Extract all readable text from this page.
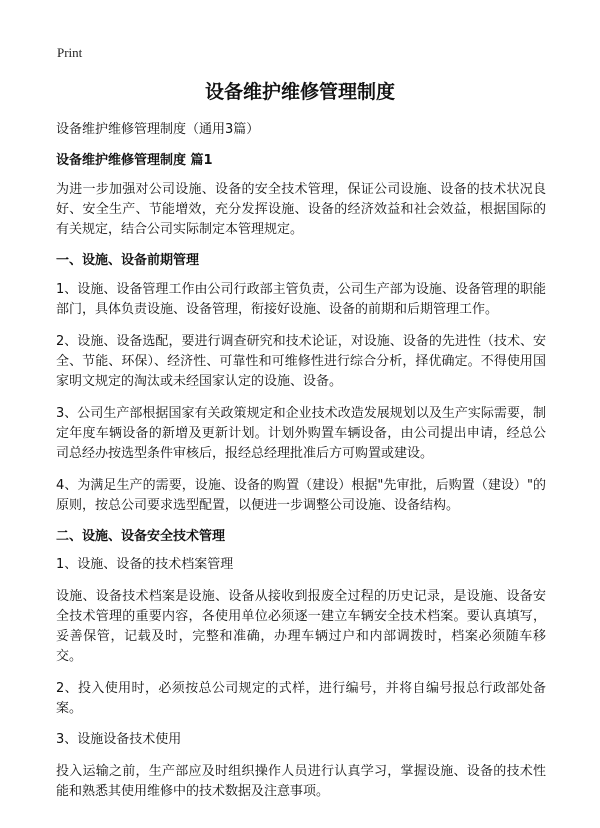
Print
设备维护维修管理制度

设备维护维修管理制度（通用3篇）

设备维护维修管理制度 篇1

为进一步加强对公司设施、设备的安全技术管理，保证公司设施、设备的技术状况良好、安全生产、节能增效，充分发挥设施、设备的经济效益和社会效益，根据国际的有关规定，结合公司实际制定本管理规定。

一、设施、设备前期管理

1、设施、设备管理工作由公司行政部主管负责，公司生产部为设施、设备管理的职能部门，具体负责设施、设备管理，衔接好设施、设备的前期和后期管理工作。

2、设施、设备选配，要进行调查研究和技术论证，对设施、设备的先进性（技术、安全、节能、环保）、经济性、可靠性和可维修性进行综合分析，择优确定。不得使用国家明文规定的淘汰或未经国家认定的设施、设备。

3、公司生产部根据国家有关政策规定和企业技术改造发展规划以及生产实际需要，制定年度车辆设备的新增及更新计划。计划外购置车辆设备，由公司提出申请，经总公司总经办按选型条件审核后，报经总经理批准后方可购置或建设。

4、为满足生产的需要，设施、设备的购置（建设）根据"先审批，后购置（建设）"的原则，按总公司要求选型配置，以便进一步调整公司设施、设备结构。

二、设施、设备安全技术管理

1、设施、设备的技术档案管理

设施、设备技术档案是设施、设备从接收到报废全过程的历史记录，是设施、设备安全技术管理的重要内容，各使用单位必须逐一建立车辆安全技术档案。要认真填写，妥善保管，记载及时，完整和准确，办理车辆过户和内部调拨时，档案必须随车移交。

2、投入使用时，必须按总公司规定的式样，进行编号，并将自编号报总行政部处备案。

3、设施设备技术使用

投入运输之前，生产部应及时组织操作人员进行认真学习，掌握设施、设备的技术性能和熟悉其使用维修中的技术数据及注意事项。
